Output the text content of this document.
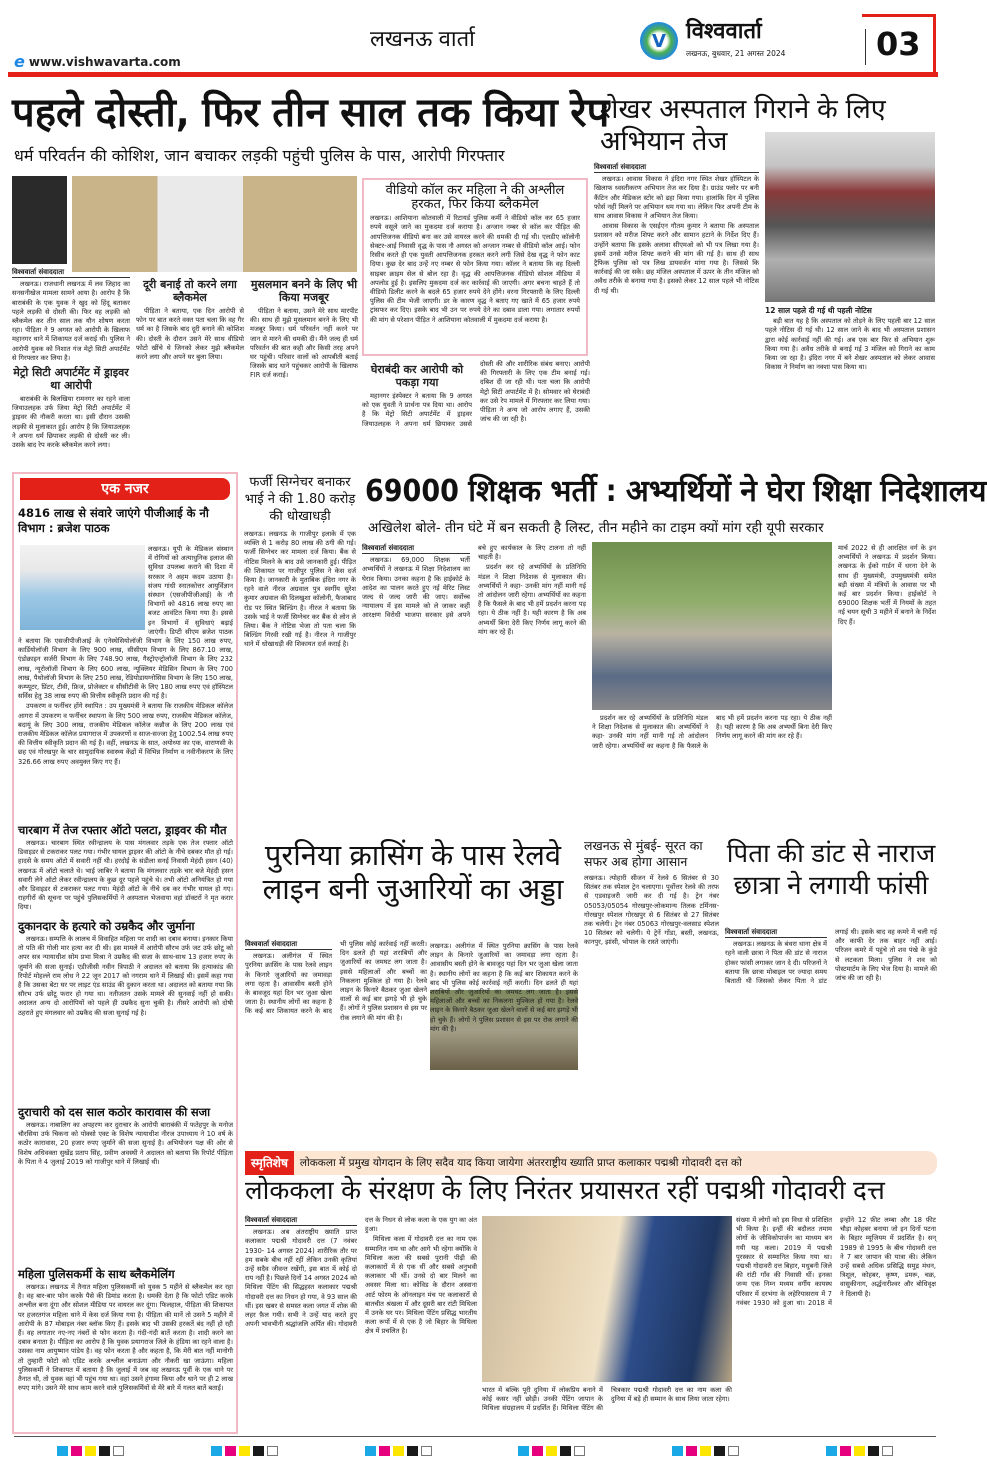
e www.vishwavarta.com
लखनऊ वार्ता	V विश्ववार्ता
लखनऊ, बुधवार, 21 अगस्त 2024	03
पहले दोस्ती, फिर तीन साल तक किया रेप
धर्म परिवर्तन की कोशिश, जान बचाकर लड़की पहुंची पुलिस के पास, आरोपी गिरफ्तार
विश्ववार्ता संवाददाता

लखनऊ। राजधानी लखनऊ में लव जिहाद का सनसनीखेज मामला सामने आया है। आरोप है कि बाराबंकी के एक युवक ने खुद को हिंदू बताकर पहले लड़की से दोस्ती की। फिर वह लड़की को ब्लैकमेल कर तीन साल तक यौन शोषण करता रहा। पीड़िता ने 9 अगस्त को आरोपी के खिलाफ महानगर थाने में शिकायत दर्ज कराई थी। पुलिस ने आरोपी युवक को निशात गंज मेट्रो सिटी अपार्टमेंट से गिरफ्तार कर लिया है।

मेट्रो सिटी अपार्टमेंट में ड्राइवर था आरोपी

बाराबंकी के बिलखिया रामनगर का रहने वाला जियाउलहक उर्फ जिया मेट्रो सिटी अपार्टमेंट में ड्राइवर की नौकरी करता था। इसी दौरान उसकी लड़की से मुलाकात हुई। आरोप है कि जियाउलहक ने अपना धर्म छिपाकर लड़की से दोस्ती कर ली। उसके बाद रेप करके ब्लैकमेल करने लगा।

दूरी बनाई तो करने लगा ब्लैकमेल

पीड़िता ने बताया, एक दिन आरोपी से फोन पर बात करते वक्त पता चला कि वह गैर धर्म का है जिसके बाद दूरी बनाने की कोशिश की। दोस्ती के दौरान उसने मेरे साथ वीडियो फोटो खींचे थे जिनको लेकर मुझे ब्लैकमेल करने लगा और अपने घर बुला लिया।

मुसलमान बनने के लिए भी किया मजबूर

पीड़िता ने बताया, उसने मेरे साथ मारपीट की। साथ ही मुझे मुसलमान बनने के लिए भी मजबूर किया। धर्म परिवर्तन नहीं करने पर जान से मारने की धमकी दी। मैंने जल्द ही धर्म परिवर्तन की बात कही और किसी तरह अपने घर पहुंची। परिवार वालों को आपबीती बताई जिसके बाद थाने पहुंचकर आरोपी के खिलाफ FIR दर्ज कराई।	घेराबंदी कर आरोपी को पकड़ा गया

महानगर इंस्पेक्टर ने बताया कि 9 अगस्त को एक युवती ने प्रार्थना पत्र दिया था। आरोप है कि मेट्रो सिटी अपार्टमेंट में ड्राइवर जियाउलहक ने अपना धर्म छिपाकर उससे दोस्ती की और शारीरिक संबंध बनाए। आरोपी की गिरफ्तारी के लिए एक टीम बनाई गई। दबिश दी जा रही थी। पता चला कि आरोपी मेट्रो सिटी अपार्टमेंट में है। सोमवार को घेराबंदी कर उसे रेप मामले में गिरफ्तार कर लिया गया। पीड़िता ने अन्य जो आरोप लगाए हैं, उसकी जांच की जा रही है।

वीडियो कॉल कर महिला ने की अश्लील हरकत, फिर किया ब्लैकमेल
लखनऊ। आशियाना कोतवाली में रिटायर्ड पुलिस कर्मी ने वीडियो कॉल कर 65 हजार रुपये वसूले जाने का मुकदमा दर्ज कराया है। अन्जान नम्बर से कॉल कर पीड़ित की आपत्तिजनक वीडियो बना कर उसे वायरल करने की धमकी दी गई थी। एलडीए कॉलोनी सेक्टर-आई निवासी वृद्ध के पास नौ अगस्त को अन्जान नम्बर से वीडियो कॉल आई। फोन रिसीव करते ही एक युवती आपत्तिजनक हरकत करने लगी जिसे देख वृद्ध ने फोन काट दिया। कुछ देर बाद उन्हें नए नम्बर से फोन किया गया। कॉलर ने बताया कि वह दिल्ली साइबर क्राइम सेल से बोल रहा है। वृद्ध की आपत्तिजनक वीडियो सोशल मीडिया में अपलोड हुई है। इसलिए मुकदमा दर्ज कर कार्रवाई की जाएगी। अगर बचना चाहते हैं तो वीडियो डिलीट करने के बदले 65 हजार रुपये देने होंगे। वरना गिरफ्तारी के लिए दिल्ली पुलिस की टीम भेजी जाएगी। डर के कारण वृद्ध ने बताए गए खाते में 65 हजार रुपये ट्रांसफर कर दिए। इसके बाद भी उन पर रुपये देने का दबाव डाला गया। लगातार रुपयों की मांग से परेशान पीड़ित ने आशियाना कोतवाली में मुकदमा दर्ज कराया है।
शेखर अस्पताल गिराने के लिए अभियान तेज
विश्ववार्ता संवाददाता

लखनऊ। आवास विकास ने इंदिरा नगर स्थित शेखर हॉस्पिटल के खिलाफ ध्वस्तीकरण अभियान तेज कर दिया है। ग्राउंड फ्लोर पर बनी कैंटिन और मेडिकल स्टोर को ढहा किया गया। हालांकि दिन में पुलिस फोर्स नहीं मिलने पर अभियान थम गया था। लेकिन फिर अपनी टीम के साथ आवास विकास ने अभियान तेज किया।

आवास विकास के एसईएन गौतम कुमार ने बताया कि अस्पताल प्रशासन को मरीज शिफ्ट करने और सामान हटाने के निर्देश दिए हैं। उन्होंने बताया कि इसके अलावा सीएमओ को भी पत्र लिखा गया है। इसमें उनसे मरीज शिफ्ट कराने की मांग की गई है। साथ ही साथ ट्रैफिक पुलिस को पत्र लिख डायवर्जन मांगा गया है। जिससे कि कार्रवाई की जा सके। छह मंजिल अस्पताल में ऊपर के तीन मंजिल को अवैध तरीके से बनाया गया है। इसको लेकर 12 साल पहले भी नोटिस दी गई थी।

12 साल पहले दी गई थी पहली नोटिस

बड़ी बात यह है कि अस्पताल को तोड़ने के लिए पहली बार 12 साल पहले नोटिस दी गई थी। 12 साल जाने के बाद भी अस्पताल प्रशासन द्वारा कोई कार्रवाई नहीं की गई। अब एक बार फिर से अभियान शुरू किया गया है। अवैध तरीके से बनाई गई 3 मंजिल को गिराने का काम किया जा रहा है। इंदिरा नगर में बने शेखर अस्पताल को लेकर आवास विकास ने निर्माण का नक्शा पास किया था।

एक नजर
4816 लाख से संवारे जाएंगे पीजीआई के नौ विभाग : ब्रजेश पाठक

लखनऊ। यूपी के मेडिकल संस्थान में रोगियों को अत्याधुनिक इलाज की सुविधा उपलब्ध कराने की दिशा में सरकार ने अहम कदम उठाया है। संजय गांधी स्नातकोत्तर आयुर्विज्ञान संस्थान (एसजीपीजीआई) के नौ विभागों को 4816 लाख रुपए का बजट आवंटित किया गया है। इससे इन विभागों में सुविधाएं बढ़ाई जाएंगी। डिप्टी सीएम ब्रजेश पाठक ने बताया कि एसजीपीजीआई के एनेस्थेसियोलॉजी विभाग के लिए 150 लाख रुपए, कार्डियोलॉजी विभाग के लिए 900 लाख, सीसीएम विभाग के लिए 867.10 लाख, एंडोक्राइन सर्जरी विभाग के लिए 748.90 लाख, गैस्ट्रोएन्ट्रोलॉजी विभाग के लिए 232 लाख, न्यूरोलॉजी विभाग के लिए 600 लाख, न्यूक्लियर मेडिसिन विभाग के लिए 700 लाख, पैथोलॉजी विभाग के लिए 250 लाख, रेडियोडायग्नोसिस विभाग के लिए 150 लाख, कम्प्यूटर, प्रिंटर, टीवी, फ्रिज, प्रोजेक्टर व सीसीटीवी के लिए 180 लाख रुपए एवं हॉस्पिटल सर्विस हेतु 38 लाख रुपए की वित्तीय स्वीकृति प्रदान की गई है।

उपकरण व फर्नीचर होंगे स्थापित : उप मुख्यमंत्री ने बताया कि राजकीय मेडिकल कॉलेज आगरा में उपकरण व फर्नीचर स्थापना के लिए 500 लाख रुपए, राजकीय मेडिकल कॉलेज, बदायूं के लिए 300 लाख, राजकीय मेडिकल कॉलेज कन्नौज के लिए 200 लाख एवं राजकीय मेडिकल कॉलेज प्रयागराज में उपकरणों व साज-सज्जा हेतु 1002.54 लाख रुपए की वित्तीय स्वीकृति प्रदान की गई है। वहीं, लखनऊ के सात, अयोध्या का एक, वाराणसी के छह एवं गोरखपुर के चार सामुदायिक स्वास्थ्य केंद्रों में विभिन्न निर्माण व नवीनीकरण के लिए 326.66 लाख रुपए अवमुक्त किए गए हैं।

चारबाग में तेज रफ्तार ऑटो पलटा, ड्राइवर की मौत

लखनऊ। चारबाग स्थित रवीन्द्रालय के पास मंगलवार तड़के एक तेज रफ्तार ऑटो डिवाइडर से टकराकर पलट गया। गंभीर घायल ड्राइवर की ऑटो के नीचे दबकर मौत हो गई। हादसे के समय ऑटो में सवारी नहीं थी। हरदोई के संडीला सनई निवासी मेहंदी हसन (40) लखनऊ में ऑटो चलाते थे। भाई जाबिर ने बताया कि मंगलवार तड़के चार बजे मेहंदी हसन सवारी लेने ऑटो लेकर रवीन्द्रालय के कुछ दूर पहले पहुंचे थे। तभी ऑटो अनियंत्रित हो गया और डिवाइडर से टकराकर पलट गया। मेहंदी ऑटो के नीचे दब कर गंभीर घायल हो गए। राहगीरों की सूचना पर पहुंचे पुलिसकर्मियों ने अस्पताल भेजवाया वहां डॉक्टरों ने मृत करार दिया।

दुकानदार के हत्यारे को उम्रकैद और जुर्माना

लखनऊ। सम्पत्ति के लालच में विवाहित महिला पर शादी का दबाव बनाया। इनकार किया तो पति की गोली मार हत्या कर दी थी। इस मामले में आरोपी सौरभ उर्फ जट उर्फ छोटू को अपर सत्र न्यायाधीश सोम प्रभा मिश्रा ने उम्रकैद की सजा के साथ-साथ 13 हजार रुपए के जुर्माने की सजा सुनाई। एडीजीसी नवीन त्रिपाठी ने अदालत को बताया कि हत्याकांड की रिपोर्ट मोहल्ले राम लोध ने 22 जून 2017 को नगराम थाने में लिखाई थी। इसमें कहा गया है कि उसका बेटा घर पर लाइट एंड साउंड की दुकान करता था। अदालत को बताया गया कि सौरभ उर्फ छोटू फरार हो गया था। नतीजतन उसके मामले की सुनवाई नहीं हो सकी। अदालत अन्य दो आरोपियों को पहले ही उम्रकैद सुना चुकी है। तीसरे आरोपी को दोषी ठहराते हुए मंगलवार को उम्रकैद की सजा सुनाई गई है।

दुराचारी को दस साल कठोर कारावास की सजा

लखनऊ। नाबालिग का अपहरण कर दुराचार के आरोपी बाराबंकी में फतेहपुर के मनोज चौरसिया उर्फ चिकना को पोक्सो एक्ट के विशेष न्यायाधीश नीरज उपाध्याय ने 10 वर्ष के कठोर कारावास, 20 हजार रुपए जुर्माने की सजा सुनाई है। अभियोजन पक्ष की ओर से विशेष अधिवक्ता सुखेंद्र प्रताप सिंह, प्रवीण अवस्थी ने अदालत को बताया कि रिपोर्ट पीड़िता के पिता ने 4 जुलाई 2019 को गाजीपुर थाने में लिखाई थी।

महिला पुलिसकर्मी के साथ ब्लैकमेलिंग

लखनऊ। लखनऊ में तैनात महिला पुलिसकर्मी को युवक 5 महीने से ब्लैकमेल कर रहा है। वह बार-बार फोन करके पैसे की डिमांड करता है। धमकी देता है कि फोटो एडिट करके अश्लील बना दूंगा और सोशल मीडिया पर वायरल कर दूंगा। फिलहाल, पीड़िता की शिकायत पर हजरतगंज महिला थाने में केस दर्ज किया गया है। पीड़िता की मानें तो उसने 5 महीने में आरोपी के 87 मोबाइल नंबर ब्लॉक किए हैं। इसके बाद भी उसकी हरकतें बंद नहीं हो रही हैं। वह लगातार नए-नए नंबरों से फोन करता है। गंदी-गंदी बातें करता है। शादी करने का दबाव बनाता है। पीड़िता का आरोप है कि युवक प्रयागराज जिले के हंडिया का रहने वाला है। उसका नाम आयुष्मान पांडेय है। वह फोन करता है और कहता है, कि मेरी बात नहीं मानोगी तो तुम्हारी फोटो को एडिट करके अश्लील बनाऊंगा और नौकरी खा जाऊंगा। महिला पुलिसकर्मी ने शिकायत में बताया है कि जुलाई में जब वह लखनऊ पूर्वी के एक थाने पर तैनात थी, तो युवक वहां भी पहुंच गया था। वहां उसने हंगामा किया और थाने पर ही 2 लाख रुपए मांगे। उसने मेरे साथ काम करने वाले पुलिसकर्मियों से मेरे बारे में गलत बातें बताईं।

फर्जी सिग्नेचर बनाकर भाई ने की 1.80 करोड़ की धोखाधड़ी
लखनऊ। लखनऊ के गाजीपुर इलाके में एक व्यक्ति से 1 करोड़ 80 लाख की ठगी की गई। फर्जी सिग्नेचर कर मामला दर्ज किया। बैंक से नोटिस मिलने के बाद उसे जानकारी हुई। पीड़ित की शिकायत पर गाजीपुर पुलिस ने केस दर्ज किया है। जानकारी के मुताबिक इंदिरा नगर के रहने वाले नीरज अग्रवाल पुत्र स्वर्गीय सुरेश कुमार अग्रवाल की दिलखुशा कॉलोनी, फैजाबाद रोड पर स्थित बिल्डिंग है। नीरज ने बताया कि उसके भाई ने फर्जी सिग्नेचर कर बैंक से लोन ले लिया। बैंक ने नोटिस भेजा तो पता चला कि बिल्डिंग गिरवी रखी गई है। नीरज ने गाजीपुर थाने में धोखाधड़ी की शिकायत दर्ज कराई है।
69000 शिक्षक भर्ती : अभ्यर्थियों ने घेरा शिक्षा निदेशालय
अखिलेश बोले- तीन घंटे में बन सकती है लिस्ट, तीन महीने का टाइम क्यों मांग रही यूपी सरकार
विश्ववार्ता संवाददाता

लखनऊ। 69,000 शिक्षक भर्ती अभ्यर्थियों ने लखनऊ में शिक्षा निदेशालय का घेराव किया। उनका कहना है कि हाईकोर्ट के आदेश का पालन करते हुए नई मेरिट लिस्ट जल्द से जल्द जारी की जाए। सर्वोच्च न्यायालय में इस मामले को ले जाकर कहीं आरक्षण विरोधी भाजपा सरकार इसे अपने बचे हुए कार्यकाल के लिए टालना तो नहीं चाहती है।

प्रदर्शन कर रहे अभ्यर्थियों के प्रतिनिधि मंडल ने शिक्षा निदेशक से मुलाकात की। अभ्यर्थियों ने कहा- उनकी मांग नहीं मानी गई तो आंदोलन जारी रहेगा। अभ्यर्थियों का कहना है कि फैसले के बाद भी हमें प्रदर्शन करना पड़ रहा। ये ठीक नहीं है। यही कारण है कि अब अभ्यर्थी बिना देरी किए निर्णय लागू करने की मांग कर रहे हैं।

प्रदर्शन कर रहे अभ्यर्थियों के प्रतिनिधि मंडल ने शिक्षा निदेशक से मुलाकात की। अभ्यर्थियों ने कहा- उनकी मांग नहीं मानी गई तो आंदोलन जारी रहेगा। अभ्यर्थियों का कहना है कि फैसले के बाद भी हमें प्रदर्शन करना पड़ रहा। ये ठीक नहीं है। यही कारण है कि अब अभ्यर्थी बिना देरी किए निर्णय लागू करने की मांग कर रहे हैं।

मार्च 2022 से ही आरक्षित वर्ग के इन अभ्यर्थियों ने लखनऊ में प्रदर्शन किया। लखनऊ के ईको गार्डन में धरना देने के साथ ही मुख्यमंत्री, उपमुख्यमंत्री समेत बड़ी संख्या में मंत्रियों के आवास पर भी कई बार प्रदर्शन किया। हाईकोर्ट ने 69000 शिक्षक भर्ती में नियमों के तहत नई चयन सूची 3 महीने में बनाने के निर्देश दिए हैं।
पुरनिया क्रासिंग के पास रेलवे लाइन बनी जुआरियों का अड्डा
विश्ववार्ता संवाददाता

लखनऊ। अलीगंज में स्थित पुरनिया क्रासिंग के पास रेलवे लाइन के किनारे जुआरियों का जमावड़ा लगा रहता है। आवासीय बस्ती होने के बावजूद यहां दिन भर जुआ खेला जाता है। स्थानीय लोगों का कहना है कि कई बार शिकायत करने के बाद भी पुलिस कोई कार्रवाई नहीं करती। दिन ढलते ही यहां शराबियों और जुआरियों का जमघट लग जाता है। इससे महिलाओं और बच्चों का निकलना मुश्किल हो गया है। रेलवे लाइन के किनारे बैठकर जुआ खेलने वालों से कई बार झगड़े भी हो चुके हैं। लोगों ने पुलिस प्रशासन से इस पर रोक लगाने की मांग की है।

लखनऊ। अलीगंज में स्थित पुरनिया क्रासिंग के पास रेलवे लाइन के किनारे जुआरियों का जमावड़ा लगा रहता है। आवासीय बस्ती होने के बावजूद यहां दिन भर जुआ खेला जाता है। स्थानीय लोगों का कहना है कि कई बार शिकायत करने के बाद भी पुलिस कोई कार्रवाई नहीं करती। दिन ढलते ही यहां शराबियों और जुआरियों का जमघट लग जाता है। इससे महिलाओं और बच्चों का निकलना मुश्किल हो गया है। रेलवे लाइन के किनारे बैठकर जुआ खेलने वालों से कई बार झगड़े भी हो चुके हैं। लोगों ने पुलिस प्रशासन से इस पर रोक लगाने की मांग की है।
लखनऊ से मुंबई- सूरत का सफर अब होगा आसान
लखनऊ। त्योहारी सीजन में रेलवे 6 सितंबर से 30 सितंबर तक स्पेशल ट्रेन चलाएगा। पूर्वोत्तर रेलवे की तरफ से एडवाइजरी जारी कर दी गई है। ट्रेन नंबर 05053/05054 गोरखपुर-लोकमान्य तिलक टर्मिनस-गोरखपुर स्पेशल गोरखपुर से 6 सितंबर से 27 सितंबर तक चलेगी। ट्रेन नंबर 05063 गोरखपुर-वलसाड स्पेशल 10 सितंबर को चलेगी। ये ट्रेनें गोंडा, बस्ती, लखनऊ, कानपुर, झांसी, भोपाल के रास्ते जाएंगी।
पिता की डांट से नाराज छात्रा ने लगायी फांसी
विश्ववार्ता संवाददाता

लखनऊ। लखनऊ के बंथरा थाना क्षेत्र में रहने वाली छात्रा ने पिता की डांट से नाराज होकर फांसी लगाकर जान दे दी। परिजनों ने बताया कि छात्रा मोबाइल पर ज्यादा समय बिताती थी जिसको लेकर पिता ने डांट लगाई थी। इसके बाद वह कमरे में चली गई और काफी देर तक बाहर नहीं आई। परिजन कमरे में पहुंचे तो शव पंखे के कुंडे से लटकता मिला। पुलिस ने शव को पोस्टमार्टम के लिए भेज दिया है। मामले की जांच की जा रही है।

स्मृतिशेष	लोककला में प्रमुख योगदान के लिए सदैव याद किया जायेगा अंतरराष्ट्रीय ख्याति प्राप्त कलाकार पद्मश्री गोदावरी दत्त को
लोककला के संरक्षण के लिए निरंतर प्रयासरत रहीं पद्मश्री गोदावरी दत्त
विश्ववार्ता संवाददाता

लखनऊ। अब अंतराष्ट्रीय ख्याति प्राप्त कलाकार पद्मश्री गोदावरी दत्त (7 नवंबर 1930- 14 अगस्त 2024) शारीरिक तौर पर हम सबके बीच नहीं रहीं लेकिन उनकी कृतियां उन्हें सदैव जीवन्त रखेंगी, इस बात में कोई दो राय नहीं है। पिछले दिनों 14 अगस्त 2024 को मिथिला पेंटिंग की सिद्धहस्त कलाकार पद्मश्री गोदावरी दत्त का निधन हो गया, वे 93 साल की थीं। इस खबर से समस्त कला जगत में शोक की लहर फ़ैल गयी। सभी ने उन्हें याद करते हुए अपनी भावभीनी श्रद्धांजलि अर्पित की। गोदावरी दत्त के निधन से लोक कला के एक युग का अंत हुआ।

मिथिला कला में गोदावरी दत्त का नाम एक सम्मानित नाम था और आगे भी रहेगा क्योंकि वे मिथिला कला की सबसे पुरानी पीढ़ी की कलाकारों में से एक थीं और सबसे अनुभवी कलाकार भी थीं। उनसे दो बार मिलने का अवसर मिला था। कोविड के दौरान अस्वाना आर्ट फोरम के ऑनलाइन मंच पर कलाकारों से बातचीत श्रंखला में और दूसरी बार रांटी मिथिला में उनके घर पर। मिथिला पेंटिंग प्रसिद्ध भारतीय कला रूपों में से एक है जो बिहार के मिथिला क्षेत्र में प्रचलित है।

भारत में बल्कि पूरी दुनिया में लोकप्रिय बनाने में कोई कसर नहीं छोड़ी। उनकी पेंटिंग जापान के मिथिला संग्रहालय में प्रदर्शित हैं। मिथिला पेंटिंग की चित्रकार पद्मश्री गोदावरी दत्त का नाम कला की दुनिया में बड़े ही सम्मान के साथ लिया जाता रहेगा।
संख्या में लोगों को इस विधा से प्रशिक्षित भी किया है। इन्हीं की बदौलत तमाम लोगों के जीविकोपार्जन का माध्यम बन गयी यह कला। 2019 में पद्मश्री पुरस्कार से सम्मानित किया गया था। पद्मश्री गोदावरी दत्त बिहार, मधुबनी जिले की रांटी गाँव की निवासी थीं। इनका जन्म एक निम्न मध्यम वर्गीय कायस्थ परिवार में दरभंगा के लहेरियासराय में 7 नवंबर 1930 को हुआ था। 2018 में इन्होंने 12 फ़ीट लम्बा और 18 फ़ीट चौड़ा कोहबर बनाया जो इन दिनों पटना के बिहार म्यूजियम में प्रदर्शित है। सन् 1989 से 1995 के बीच गोदावरी दत्त ने 7 बार जापान की यात्रा की। लेकिन उन्हें सबसे अधिक प्रसिद्धि समुद्र मंथन, त्रिशूल, कोहबर, कृष्ण, डमरू, चक्र, वासुकीनाग, अर्द्धनारीश्वर और बोधिवृक्ष ने दिलायी है।
